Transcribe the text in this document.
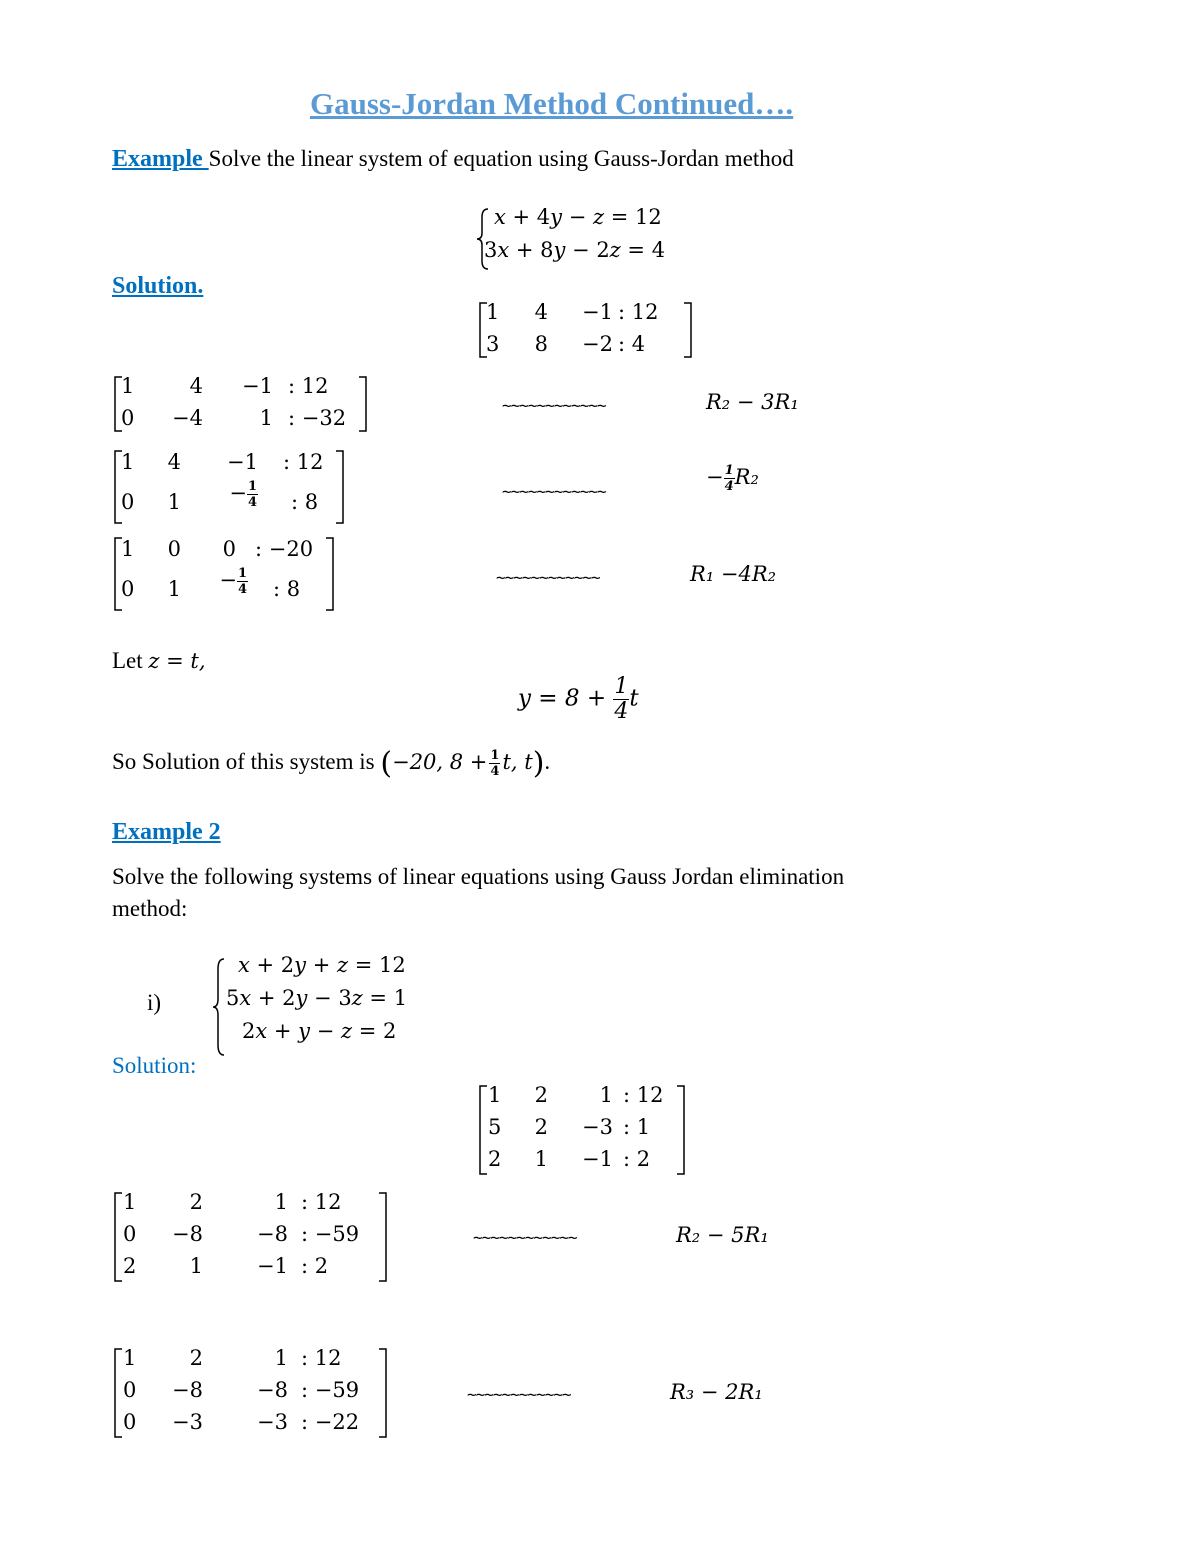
Gauss-Jordan Method Continued….
Example Solve the linear system of equation using Gauss-Jordan method
𝑥 + 4𝑦 − 𝑧 = 12
3𝑥 + 8𝑦 − 2𝑧 = 4
Solution.
1	4	−1 : 12
3	8	−2 : 4
1	4	−1 : 12
0 −4	1 : −32
~~~~~~~~~~~~	𝑅₂ − 3𝑅₁
1	4	−1 : 12
0	1	− $\frac{1}{4}$ : 8	~~~~~~~~~~~~
− $\frac{1}{4}$ 𝑅₂
1	0	0 : −20
0	1	− $\frac{1}{4}$ : 8	~~~~~~~~~~~~	𝑅₁ −4𝑅₂
Let 𝑧 = 𝑡,
𝑦 = $8 + \frac{1}{4}$ 𝑡
So Solution of this system is (−20, $8 + \frac{1}{4}$ 𝑡, 𝑡).
Example 2
Solve the following systems of linear equations using Gauss Jordan elimination
method:
i)
𝑥 + 2𝑦 + 𝑧 = 12
5𝑥 + 2𝑦 − 3𝑧 = 1
2𝑥 + 𝑦 − 𝑧 = 2
Solution:
1	2	1 : 12
5	2	−3 : 1
2	1	−1 : 2
1	2	1 : 12
0 −8	−8 : −59
2	1	−1 : 2
~~~~~~~~~~~~	𝑅₂ − 5𝑅₁
1	2	1 : 12
0 −8	−8 : −59
0 −3	−3 : −22
~~~~~~~~~~~~	𝑅₃ − 2𝑅₁
